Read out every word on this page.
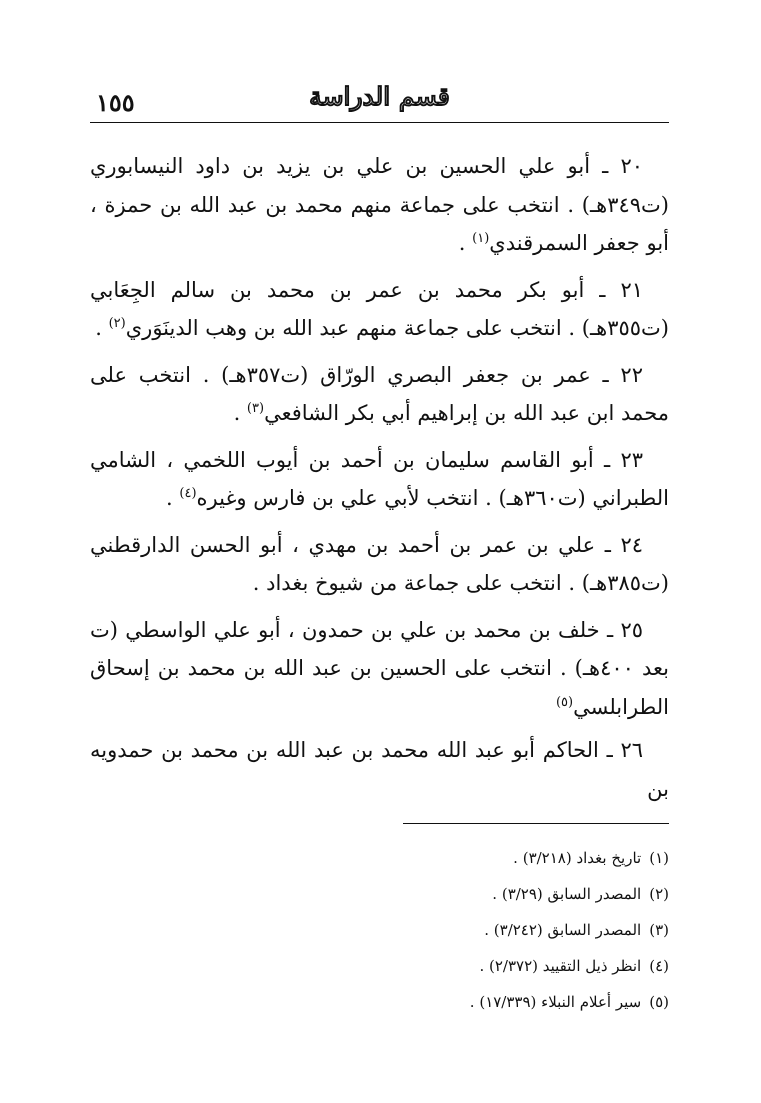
١٥٥	قسم الدراسة

٢٠ ـ أبو علي الحسين بن علي بن يزيد بن داود النيسابوري (ت٣٤٩هـ) . انتخب على جماعة منهم محمد بن عبد الله بن حمزة ، أبو جعفر السمرقندي$^{(١)}$ .

٢١ ـ أبو بكر محمد بن عمر بن محمد بن سالم الجِعَابي (ت٣٥٥هـ) . انتخب على جماعة منهم عبد الله بن وهب الدينَوَري$^{(٢)}$ .

٢٢ ـ عمر بن جعفر البصري الورّاق (ت٣٥٧هـ) . انتخب على محمد ابن عبد الله بن إبراهيم أبي بكر الشافعي$^{(٣)}$ .

٢٣ ـ أبو القاسم سليمان بن أحمد بن أيوب اللخمي ، الشامي الطبراني (ت٣٦٠هـ) . انتخب لأبي علي بن فارس وغيره$^{(٤)}$ .

٢٤ ـ علي بن عمر بن أحمد بن مهدي ، أبو الحسن الدارقطني (ت٣٨٥هـ) . انتخب على جماعة من شيوخ بغداد .

٢٥ ـ خلف بن محمد بن علي بن حمدون ، أبو علي الواسطي (ت بعد ٤٠٠هـ) . انتخب على الحسين بن عبد الله بن محمد بن إسحاق الطرابلسي$^{(٥)}$

٢٦ ـ الحاكم أبو عبد الله محمد بن عبد الله بن محمد بن حمدويه بن

(١)تاريخ بغداد (٣/٢١٨) .
(٢)المصدر السابق (٣/٢٩) .
(٣)المصدر السابق (٣/٢٤٢) .
(٤)انظر ذيل التقييد (٢/٣٧٢) .
(٥)سير أعلام النبلاء (١٧/٣٣٩) .
